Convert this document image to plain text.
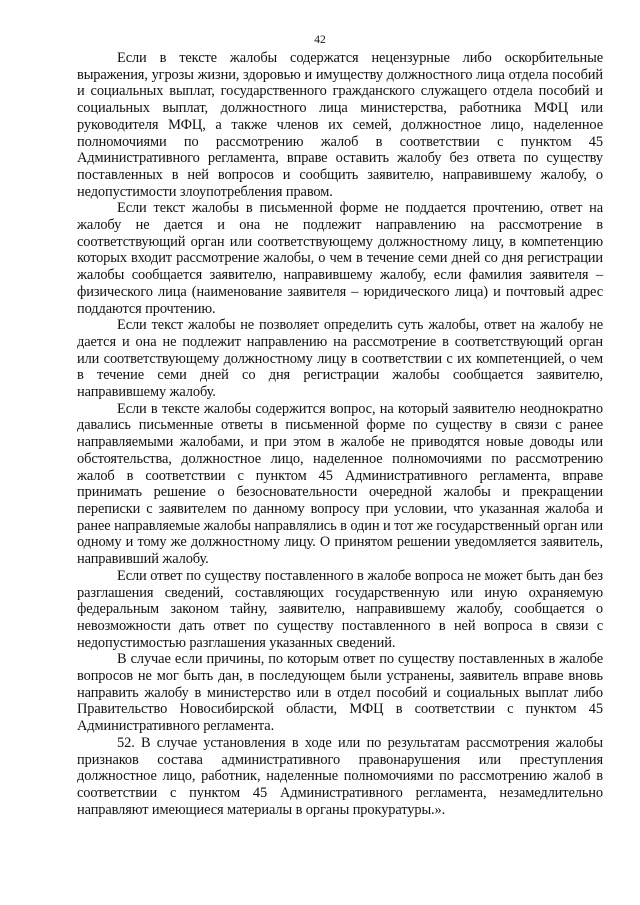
42

Если в тексте жалобы содержатся нецензурные либо оскорбительные выражения, угрозы жизни, здоровью и имуществу должностного лица отдела пособий и социальных выплат, государственного гражданского служащего отдела пособий и социальных выплат, должностного лица министерства, работника МФЦ или руководителя МФЦ, а также членов их семей, должностное лицо, наделенное полномочиями по рассмотрению жалоб в соответствии с пунктом 45 Административного регламента, вправе оставить жалобу без ответа по существу поставленных в ней вопросов и сообщить заявителю, направившему жалобу, о недопустимости злоупотребления правом.

Если текст жалобы в письменной форме не поддается прочтению, ответ на жалобу не дается и она не подлежит направлению на рассмотрение в соответствующий орган или соответствующему должностному лицу, в компетенцию которых входит рассмотрение жалобы, о чем в течение семи дней со дня регистрации жалобы сообщается заявителю, направившему жалобу, если фамилия заявителя – физического лица (наименование заявителя – юридического лица) и почтовый адрес поддаются прочтению.

Если текст жалобы не позволяет определить суть жалобы, ответ на жалобу не дается и она не подлежит направлению на рассмотрение в соответствующий орган или соответствующему должностному лицу в соответствии с их компетенцией, о чем в течение семи дней со дня регистрации жалобы сообщается заявителю, направившему жалобу.

Если в тексте жалобы содержится вопрос, на который заявителю неоднократно давались письменные ответы в письменной форме по существу в связи с ранее направляемыми жалобами, и при этом в жалобе не приводятся новые доводы или обстоятельства, должностное лицо, наделенное полномочиями по рассмотрению жалоб в соответствии с пунктом 45 Административного регламента, вправе принимать решение о безосновательности очередной жалобы и прекращении переписки с заявителем по данному вопросу при условии, что указанная жалоба и ранее направляемые жалобы направлялись в один и тот же государственный орган или одному и тому же должностному лицу. О принятом решении уведомляется заявитель, направивший жалобу.

Если ответ по существу поставленного в жалобе вопроса не может быть дан без разглашения сведений, составляющих государственную или иную охраняемую федеральным законом тайну, заявителю, направившему жалобу, сообщается о невозможности дать ответ по существу поставленного в ней вопроса в связи с недопустимостью разглашения указанных сведений.

В случае если причины, по которым ответ по существу поставленных в жалобе вопросов не мог быть дан, в последующем были устранены, заявитель вправе вновь направить жалобу в министерство или в отдел пособий и социальных выплат либо Правительство Новосибирской области, МФЦ в соответствии с пунктом 45 Административного регламента.

52. В случае установления в ходе или по результатам рассмотрения жалобы признаков состава административного правонарушения или преступления должностное лицо, работник, наделенные полномочиями по рассмотрению жалоб в соответствии с пунктом 45 Административного регламента, незамедлительно направляют имеющиеся материалы в органы прокуратуры.».
